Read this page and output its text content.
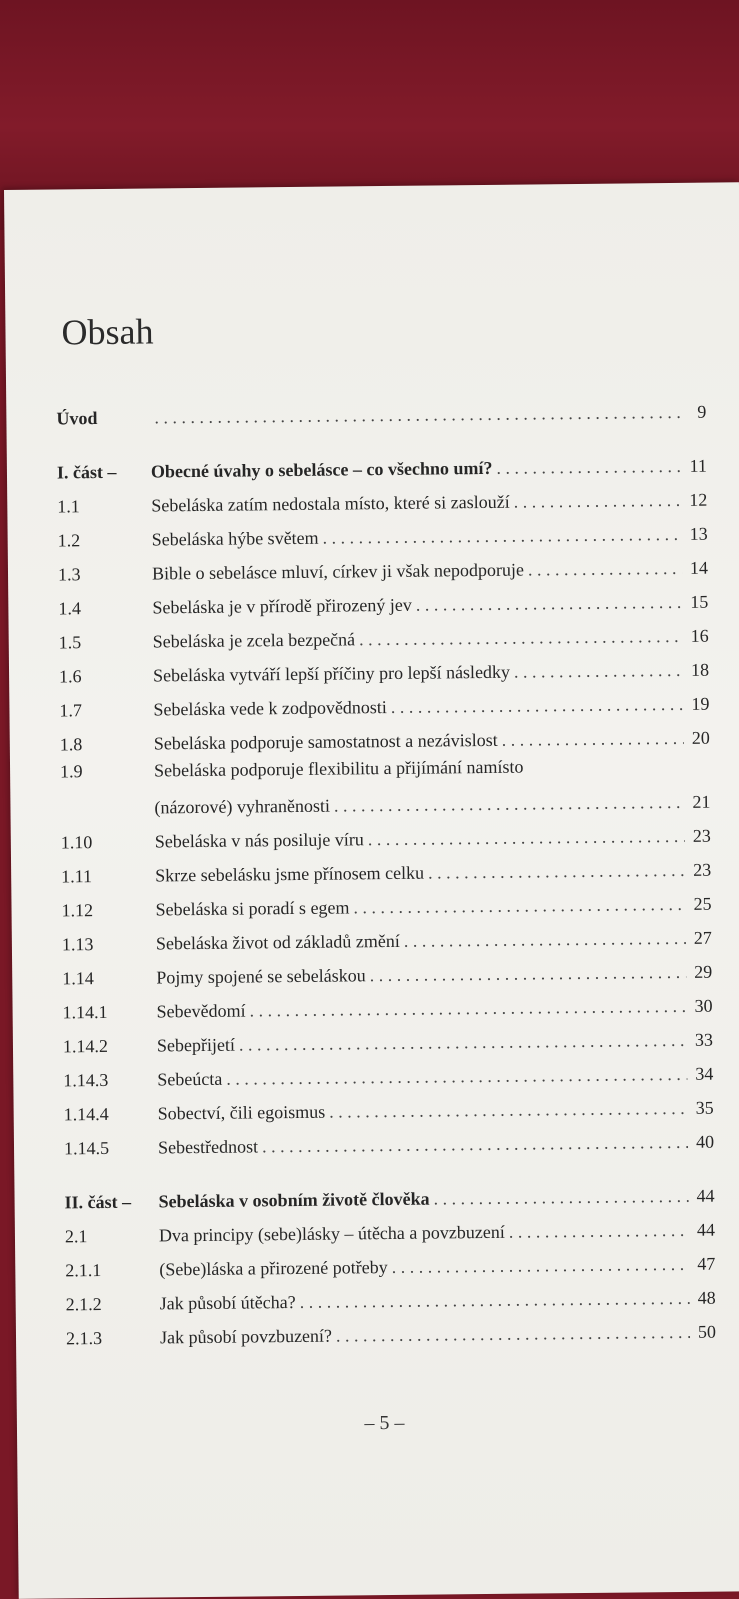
Obsah
Úvod . . .	9
I. část – Obecné úvahy o sebelásce – co všechno umí? . . .	11
1.1	Sebeláska zatím nedostala místo, které si zaslouží . . .	12
1.2	Sebeláska hýbe světem . . .	13
1.3	Bible o sebelásce mluví, církev ji však nepodporuje . . .	14
1.4	Sebeláska je v přírodě přirozený jev . . .	15
1.5	Sebeláska je zcela bezpečná . . .	16
1.6	Sebeláska vytváří lepší příčiny pro lepší následky . . .	18
1.7	Sebeláska vede k zodpovědnosti . . .	19
1.8	Sebeláska podporuje samostatnost a nezávislost . . .	20
1.9	Sebeláska podporuje flexibilitu a přijímání namísto
(názorové) vyhraněnosti . . .	21
1.10	Sebeláska v nás posiluje víru . . .	23
1.11	Skrze sebelásku jsme přínosem celku . . .	23
1.12	Sebeláska si poradí s egem . . .	25
1.13	Sebeláska život od základů změní . . .	27
1.14	Pojmy spojené se sebeláskou . . .	29
1.14.1	Sebevědomí . . .	30
1.14.2	Sebepřijetí . . .	33
1.14.3	Sebeúcta . . .	34
1.14.4	Sobectví, čili egoismus . . .	35
1.14.5	Sebestřednost . . .	40
II. část – Sebeláska v osobním životě člověka . . .	44
2.1	Dva principy (sebe)lásky – útěcha a povzbuzení . . .	44
2.1.1	(Sebe)láska a přirozené potřeby . . .	47
2.1.2	Jak působí útěcha? . . .	48
2.1.3	Jak působí povzbuzení? . . .	50
– 5 –
